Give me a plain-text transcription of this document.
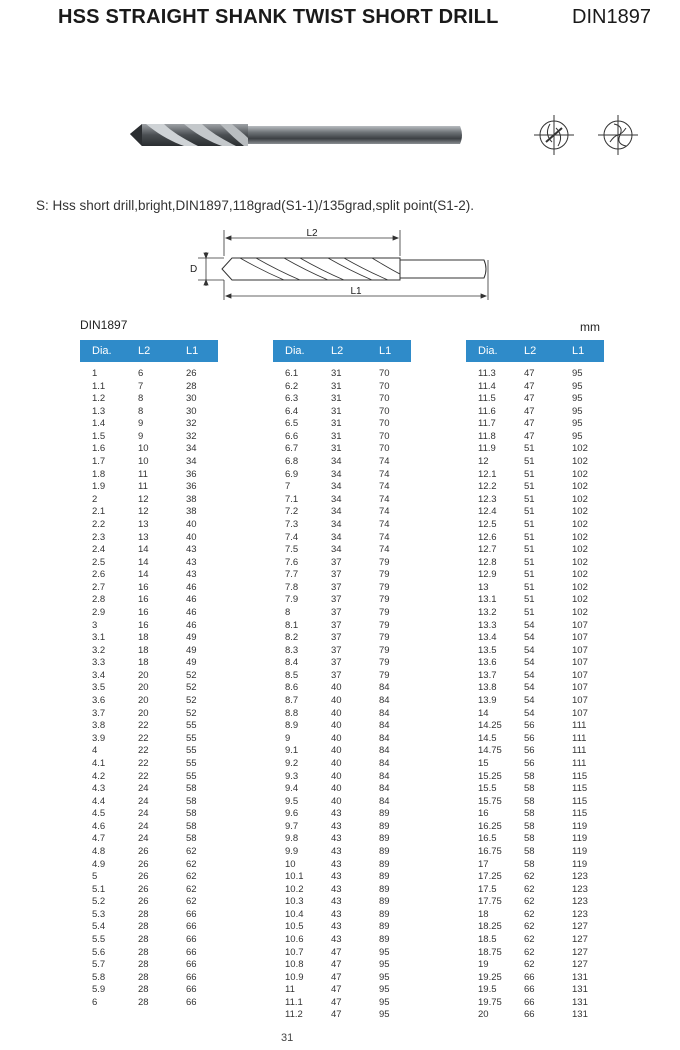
HSS STRAIGHT SHANK TWIST SHORT DRILL	DIN1897
S: Hss short drill,bright,DIN1897,118grad(S1-1)/135grad,split point(S1-2).
L2
L1
D
DIN1897	mm
Dia. L2	L1
1	6	26
1.1	7	28
1.2	8	30
1.3	8	30
1.4	9	32
1.5	9	32
1.6	10	34
1.7	10	34
1.8	11	36
1.9	11	36
2	12	38
2.1	12	38
2.2	13	40
2.3	13	40
2.4	14	43
2.5	14	43
2.6	14	43
2.7	16	46
2.8	16	46
2.9	16	46
3	16	46
3.1	18	49
3.2	18	49
3.3	18	49
3.4	20	52
3.5	20	52
3.6	20	52
3.7	20	52
3.8	22	55
3.9	22	55
4	22	55
4.1	22	55
4.2	22	55
4.3	24	58
4.4	24	58
4.5	24	58
4.6	24	58
4.7	24	58
4.8	26	62
4.9	26	62
5	26	62
5.1	26	62
5.2	26	62
5.3	28	66
5.4	28	66
5.5	28	66
5.6	28	66
5.7	28	66
5.8	28	66
5.9	28	66
6	28	66
Dia. L2	L1
6.1	31	70
6.2	31	70
6.3	31	70
6.4	31	70
6.5	31	70
6.6	31	70
6.7	31	70
6.8	34	74
6.9	34	74
7	34	74
7.1	34	74
7.2	34	74
7.3	34	74
7.4	34	74
7.5	34	74
7.6	37	79
7.7	37	79
7.8	37	79
7.9	37	79
8	37	79
8.1	37	79
8.2	37	79
8.3	37	79
8.4	37	79
8.5	37	79
8.6	40	84
8.7	40	84
8.8	40	84
8.9	40	84
9	40	84
9.1	40	84
9.2	40	84
9.3	40	84
9.4	40	84
9.5	40	84
9.6	43	89
9.7	43	89
9.8	43	89
9.9	43	89
10	43	89
10.1	43	89
10.2	43	89
10.3	43	89
10.4	43	89
10.5	43	89
10.6	43	89
10.7	47	95
10.8	47	95
10.9	47	95
11	47	95
11.1	47	95
11.2	47	95
Dia. L2	L1
11.3	47	95
11.4	47	95
11.5	47	95
11.6	47	95
11.7	47	95
11.8	47	95
11.9	51	102
12	51	102
12.1	51	102
12.2	51	102
12.3	51	102
12.4	51	102
12.5	51	102
12.6	51	102
12.7	51	102
12.8	51	102
12.9	51	102
13	51	102
13.1	51	102
13.2	51	102
13.3	54	107
13.4	54	107
13.5	54	107
13.6	54	107
13.7	54	107
13.8	54	107
13.9	54	107
14	54	107
14.25 56	111
14.5	56	111
14.75 56	111
15	56	111
15.25 58	115
15.5	58	115
15.75 58	115
16	58	115
16.25 58	119
16.5	58	119
16.75 58	119
17	58	119
17.25 62	123
17.5	62	123
17.75 62	123
18	62	123
18.25 62	127
18.5	62	127
18.75 62	127
19	62	127
19.25 66	131
19.5	66	131
19.75 66	131
20	66	131
31
